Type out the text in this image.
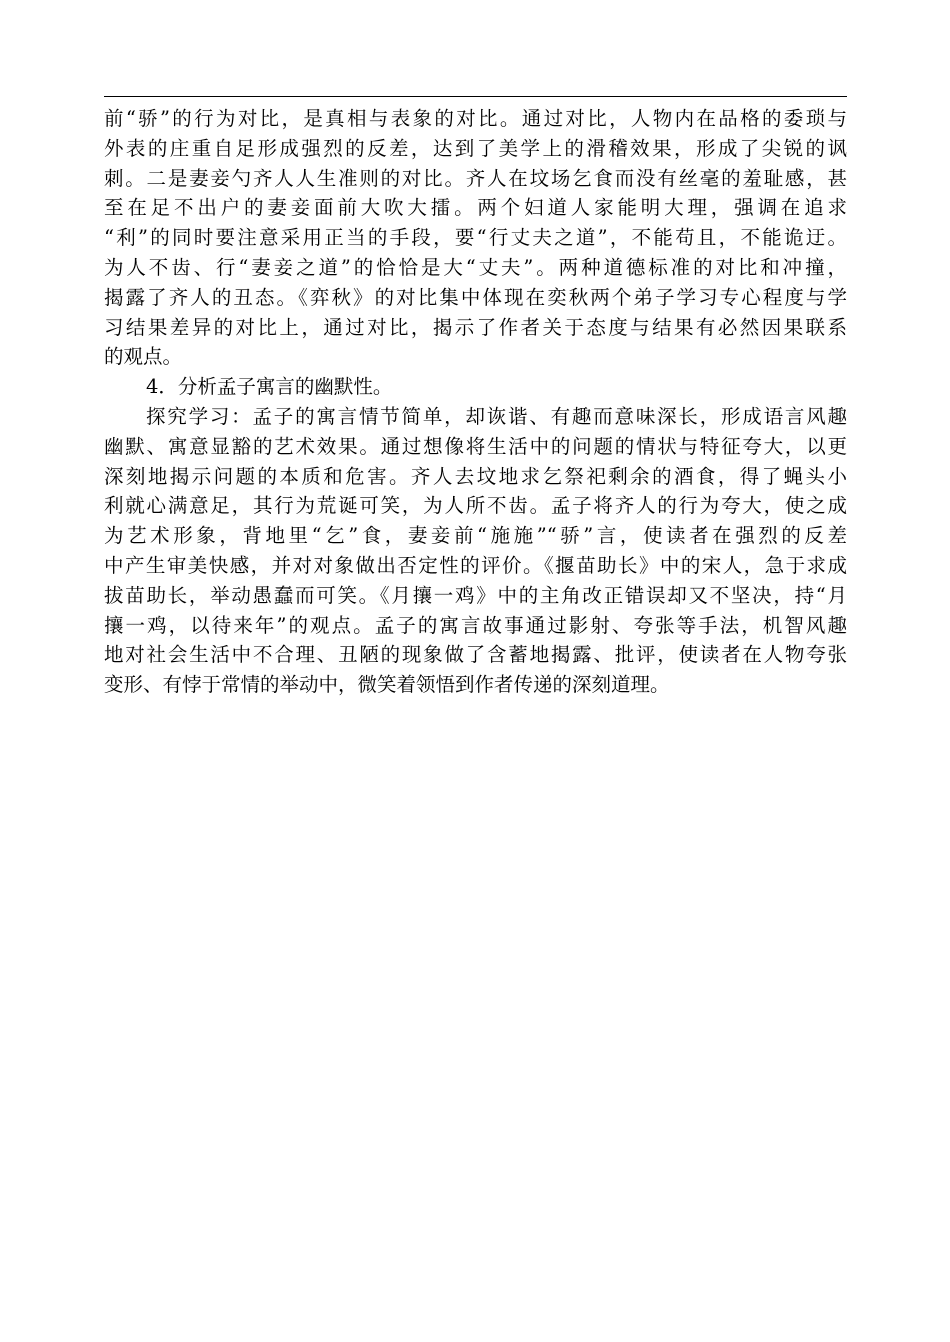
前“骄”的行为对比，是真相与表象的对比。通过对比，人物内在品格的委琐与
外表的庄重自足形成强烈的反差，达到了美学上的滑稽效果，形成了尖锐的讽
刺。二是妻妾勺齐人人生准则的对比。齐人在坟场乞食而没有丝毫的羞耻感，甚
至在足不出户的妻妾面前大吹大擂。两个妇道人家能明大理，强调在追求
“利”的同时要注意采用正当的手段，要“行丈夫之道”，不能苟且，不能诡迂。
为人不齿、行“妻妾之道”的恰恰是大“丈夫”。两种道德标准的对比和冲撞，
揭露了齐人的丑态。《弈秋》的对比集中体现在奕秋两个弟子学习专心程度与学
习结果差异的对比上，通过对比，揭示了作者关于态度与结果有必然因果联系
的观点。
4．分析孟子寓言的幽默性。
探究学习：孟子的寓言情节简单，却诙谐、有趣而意味深长，形成语言风趣
幽默、寓意显豁的艺术效果。通过想像将生活中的问题的情状与特征夸大，以更
深刻地揭示问题的本质和危害。齐人去坟地求乞祭祀剩余的酒食，得了蝇头小
利就心满意足，其行为荒诞可笑，为人所不齿。孟子将齐人的行为夸大，使之成
为艺术形象，背地里“乞”食，妻妾前“施施”“骄”言，使读者在强烈的反差
中产生审美快感，并对对象做出否定性的评价。《揠苗助长》中的宋人，急于求成
拔苗助长，举动愚蠢而可笑。《月攘一鸡》中的主角改正错误却又不坚决，持“月
攘一鸡，以待来年”的观点。孟子的寓言故事通过影射、夸张等手法，机智风趣
地对社会生活中不合理、丑陋的现象做了含蓄地揭露、批评，使读者在人物夸张
变形、有悖于常情的举动中，微笑着领悟到作者传递的深刻道理。
